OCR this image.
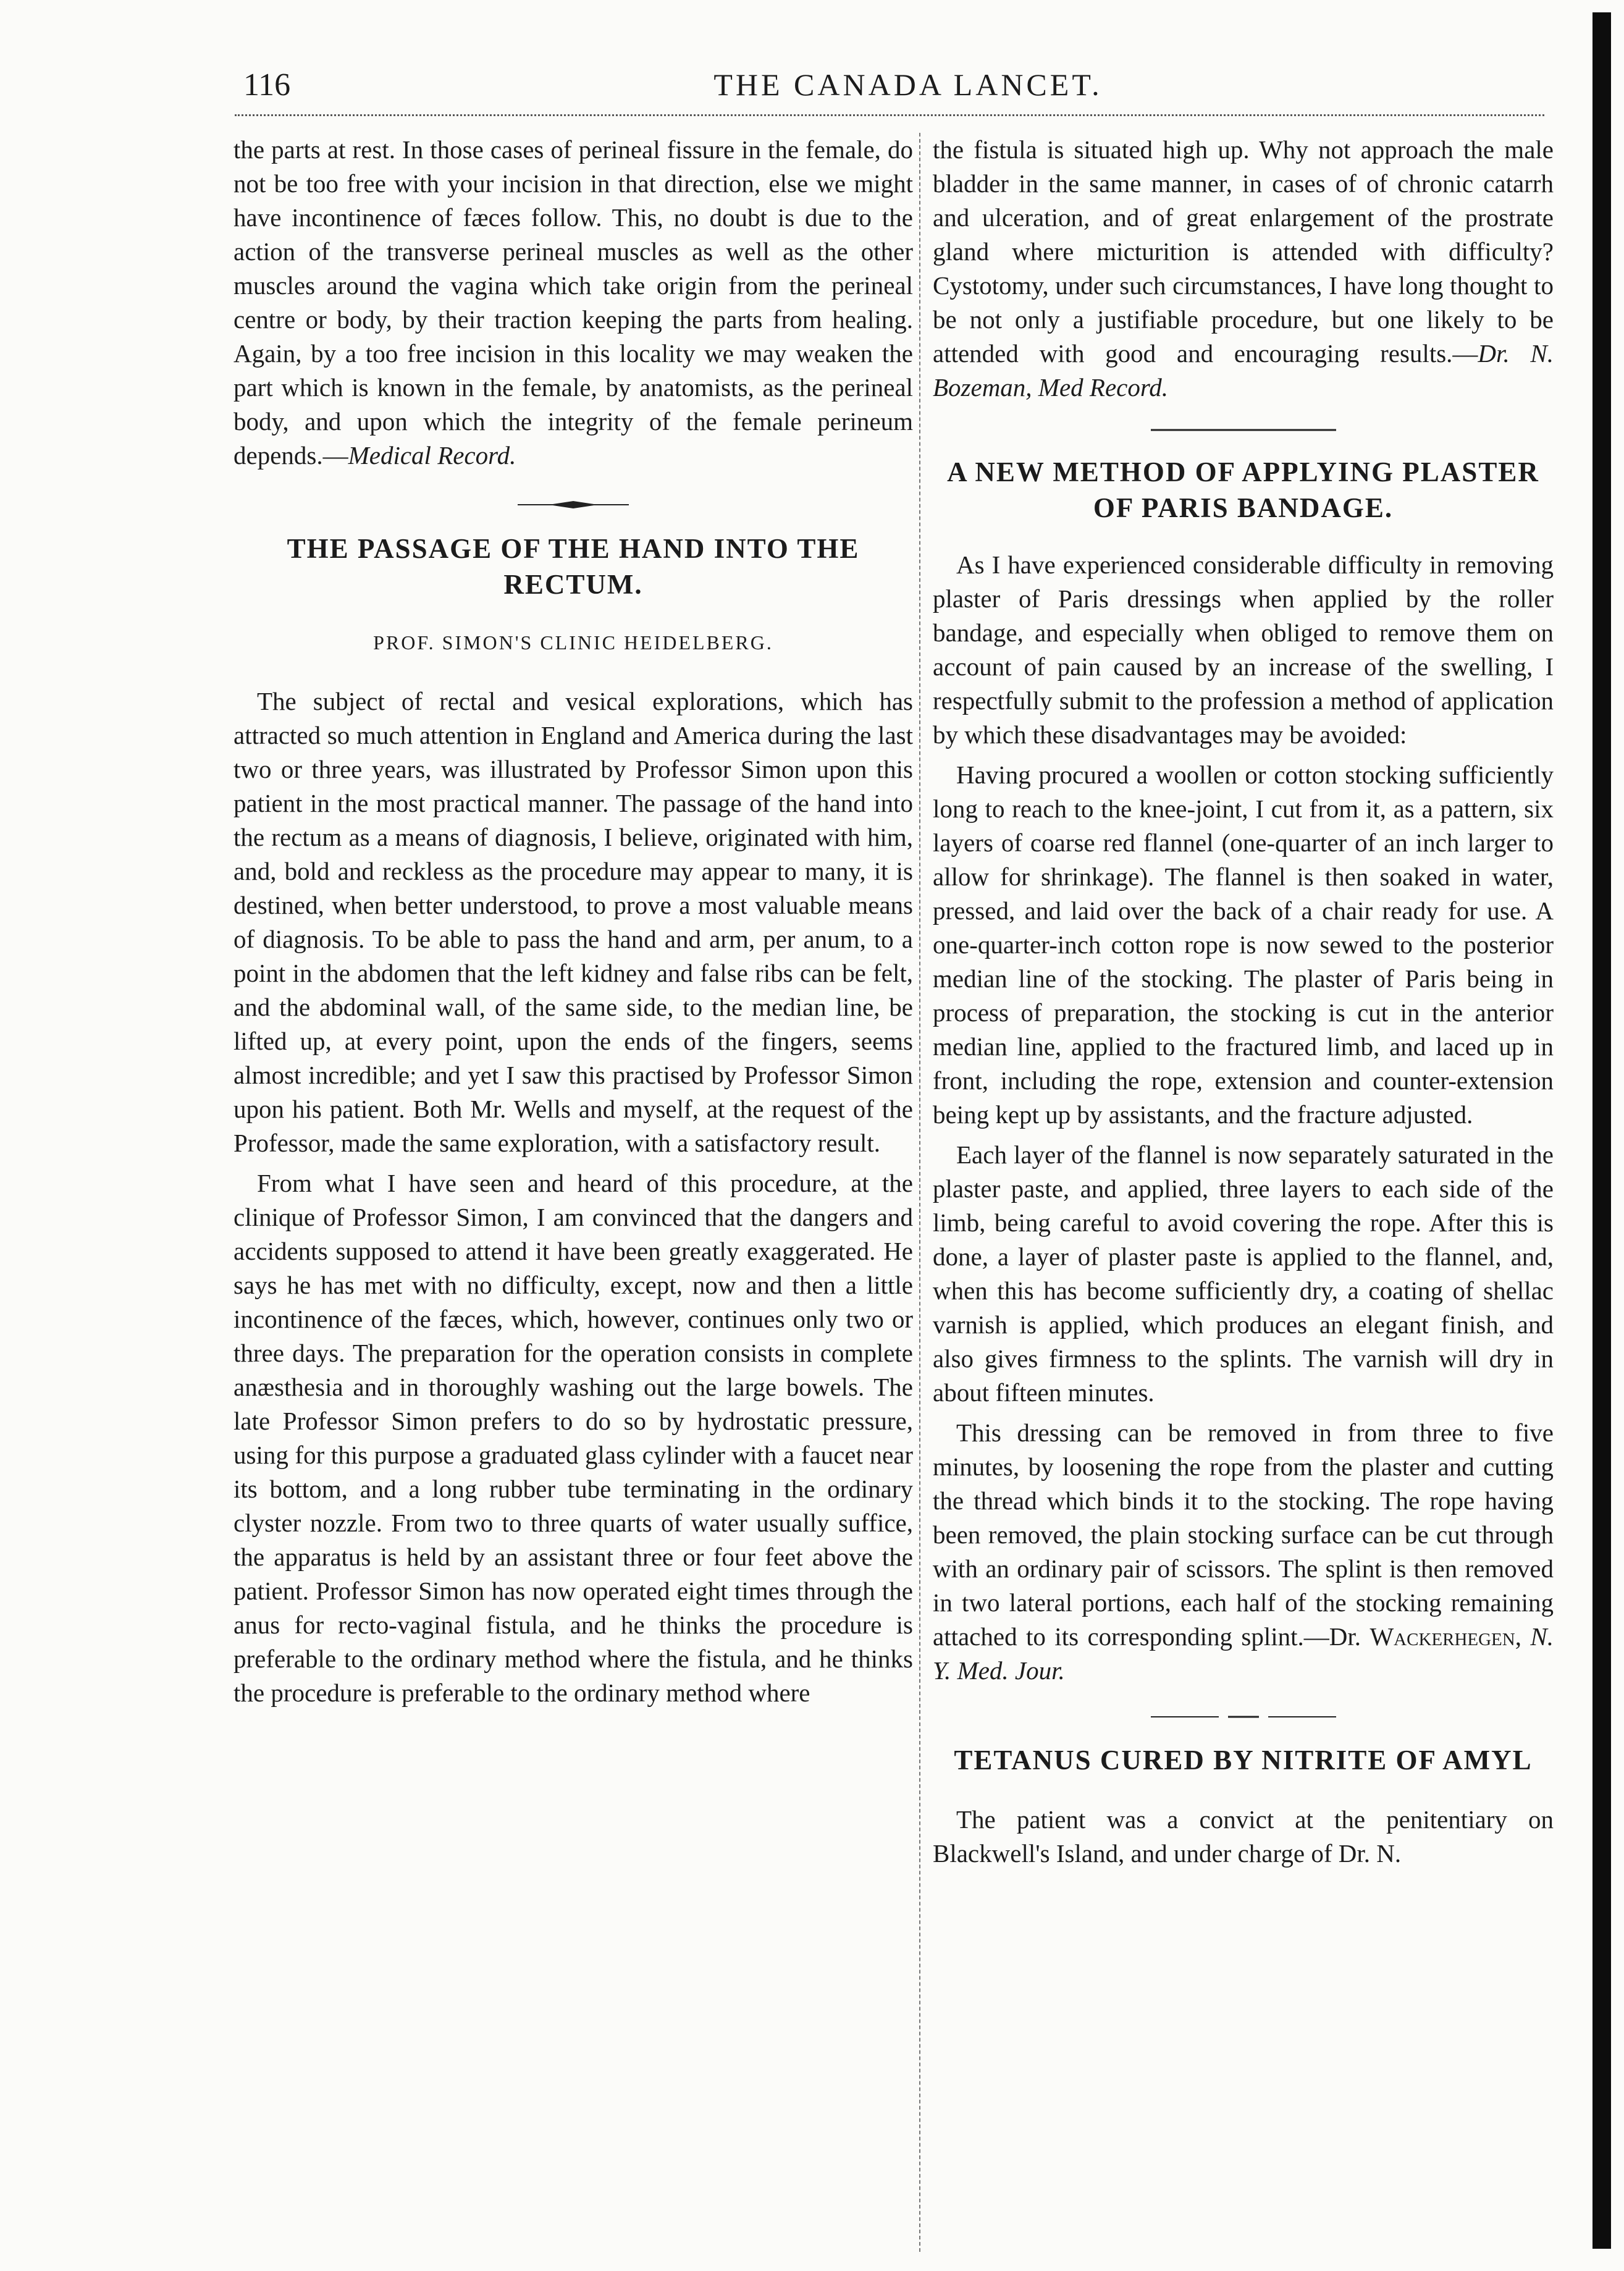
116	THE CANADA LANCET.

the parts at rest. In those cases of perineal fissure in the female, do not be too free with your incision in that direction, else we might have incontinence of fæces follow. This, no doubt is due to the action of the transverse perineal muscles as well as the other muscles around the vagina which take origin from the perineal centre or body, by their traction keeping the parts from healing. Again, by a too free incision in this locality we may weaken the part which is known in the female, by anatomists, as the perineal body, and upon which the integrity of the female perineum depends.—Medical Record.

THE PASSAGE OF THE HAND INTO THE RECTUM.
PROF. SIMON'S CLINIC HEIDELBERG.

The subject of rectal and vesical explorations, which has attracted so much attention in England and America during the last two or three years, was illustrated by Professor Simon upon this patient in the most practical manner. The passage of the hand into the rectum as a means of diagnosis, I believe, originated with him, and, bold and reckless as the procedure may appear to many, it is destined, when better understood, to prove a most valuable means of diagnosis. To be able to pass the hand and arm, per anum, to a point in the abdomen that the left kidney and false ribs can be felt, and the abdominal wall, of the same side, to the median line, be lifted up, at every point, upon the ends of the fingers, seems almost incredible; and yet I saw this practised by Professor Simon upon his patient. Both Mr. Wells and myself, at the request of the Professor, made the same exploration, with a satisfactory result.

From what I have seen and heard of this procedure, at the clinique of Professor Simon, I am convinced that the dangers and accidents supposed to attend it have been greatly exaggerated. He says he has met with no difficulty, except, now and then a little incontinence of the fæces, which, however, continues only two or three days. The preparation for the operation consists in complete anæsthesia and in thoroughly washing out the large bowels. The late Professor Simon prefers to do so by hydrostatic pressure, using for this purpose a graduated glass cylinder with a faucet near its bottom, and a long rubber tube terminating in the ordinary clyster nozzle. From two to three quarts of water usually suffice, the apparatus is held by an assistant three or four feet above the patient. Professor Simon has now operated eight times through the anus for recto-vaginal fistula, and he thinks the procedure is preferable to the ordinary method where the fistula, and he thinks the procedure is preferable to the ordinary method where

the fistula is situated high up. Why not approach the male bladder in the same manner, in cases of of chronic catarrh and ulceration, and of great enlargement of the prostrate gland where micturition is attended with difficulty? Cystotomy, under such circumstances, I have long thought to be not only a justifiable procedure, but one likely to be attended with good and encouraging results.—Dr. N. Bozeman, Med Record.

A NEW METHOD OF APPLYING PLASTER OF PARIS BANDAGE.

As I have experienced considerable difficulty in removing plaster of Paris dressings when applied by the roller bandage, and especially when obliged to remove them on account of pain caused by an increase of the swelling, I respectfully submit to the profession a method of application by which these disadvantages may be avoided:

Having procured a woollen or cotton stocking sufficiently long to reach to the knee-joint, I cut from it, as a pattern, six layers of coarse red flannel (one-quarter of an inch larger to allow for shrinkage). The flannel is then soaked in water, pressed, and laid over the back of a chair ready for use. A one-quarter-inch cotton rope is now sewed to the posterior median line of the stocking. The plaster of Paris being in process of preparation, the stocking is cut in the anterior median line, applied to the fractured limb, and laced up in front, including the rope, extension and counter-extension being kept up by assistants, and the fracture adjusted.

Each layer of the flannel is now separately saturated in the plaster paste, and applied, three layers to each side of the limb, being careful to avoid covering the rope. After this is done, a layer of plaster paste is applied to the flannel, and, when this has become sufficiently dry, a coating of shellac varnish is applied, which produces an elegant finish, and also gives firmness to the splints. The varnish will dry in about fifteen minutes.

This dressing can be removed in from three to five minutes, by loosening the rope from the plaster and cutting the thread which binds it to the stocking. The rope having been removed, the plain stocking surface can be cut through with an ordinary pair of scissors. The splint is then removed in two lateral portions, each half of the stocking remaining attached to its corresponding splint.—Dr. Wackerhegen, N. Y. Med. Jour.

TETANUS CURED BY NITRITE OF AMYL

The patient was a convict at the penitentiary on Blackwell's Island, and under charge of Dr. N.
